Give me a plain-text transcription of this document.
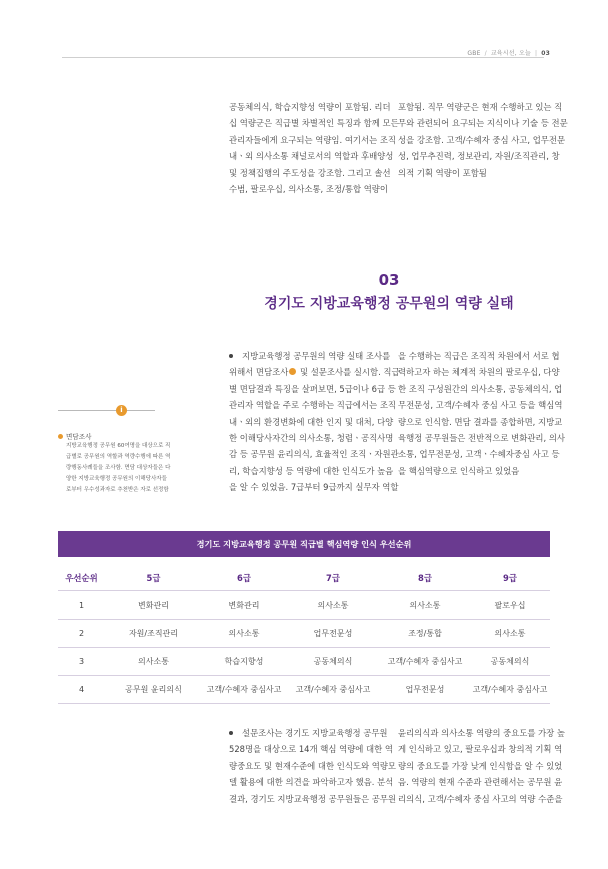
GBE / 교육시선, 오늘 | 03
공동체의식, 학습지향성 역량이 포함됨. 리더
십 역량군은 직급별 차별적인 특징과 함께 모든
관리자들에게 요구되는 역량임. 여기서는 조직
내ㆍ외 의사소통 채널로서의 역할과 후배양성
및 정책집행의 주도성을 강조함. 그리고 솔선
수범, 팔로우십, 의사소통, 조정/통합 역량이
포함됨. 직무 역량군은 현재 수행하고 있는 직
무와 관련되어 요구되는 지식이나 기술 등 전문
성을 강조함. 고객/수혜자 중심 사고, 업무전문
성, 업무추진력, 정보관리, 자원/조직관리, 창
의적 기획 역량이 포함됨
03
경기도 지방교육행정 공무원의 역량 실태
지방교육행정 공무원의 역량 실태 조사를
위해서 면담조사 및 설문조사를 실시함. 직급
별 면담결과 특징을 살펴보면, 5급이나 6급 등
관리자 역할을 주로 수행하는 직급에서는 조직
내ㆍ외의 환경변화에 대한 인지 및 대처, 다양
한 이해당사자간의 의사소통, 청렴ㆍ공직사명
감 등 공무원 윤리의식, 효율적인 조직ㆍ자원관
리, 학습지향성 등 역량에 대한 인식도가 높음
을 알 수 있었음. 7급부터 9급까지 실무자 역할
을 수행하는 직급은 조직적 차원에서 서로 협
력하고자 하는 체계적 차원의 팔로우십, 다양
한 조직 구성원간의 의사소통, 공동체의식, 업
무전문성, 고객/수혜자 중심 사고 등을 핵심역
량으로 인식함. 면담 결과를 종합하면, 지방교
육행정 공무원들은 전반적으로 변화관리, 의사
소통, 업무전문성, 고객ㆍ수혜자중심 사고 등
을 핵심역량으로 인식하고 있었음
i
면담조사
지방교육행정 공무원 60여명을 대상으로 직
급별로 공무원의 역할과 역량수행에 따른 역
량행동사례들을 조사함. 면담 대상자들은 다
양한 지방교육행정 공무원의 이해당사자들
로부터 우수성과자로 추천받은 자로 선정함
경기도 지방교육행정 공무원 직급별 핵심역량 인식 우선순위
우선순위	5급	6급	7급	8급	9급
1	변화관리	변화관리	의사소통	의사소통	팔로우십
2	자원/조직관리	의사소통	업무전문성	조정/통합	의사소통
3	의사소통	학습지향성	공동체의식	고객/수혜자 중심사고	공동체의식
4	공무원 윤리의식	고객/수혜자 중심사고	고객/수혜자 중심사고	업무전문성	고객/수혜자 중심사고
설문조사는 경기도 지방교육행정 공무원
528명을 대상으로 14개 핵심 역량에 대한 역
량중요도 및 현재수준에 대한 인식도와 역량모
델 활용에 대한 의견을 파악하고자 했음. 분석
결과, 경기도 지방교육행정 공무원들은 공무원
윤리의식과 의사소통 역량의 중요도를 가장 높
게 인식하고 있고, 팔로우십과 창의적 기획 역
량의 중요도를 가장 낮게 인식함을 알 수 있었
음. 역량의 현재 수준과 관련해서는 공무원 윤
리의식, 고객/수혜자 중심 사고의 역량 수준을
